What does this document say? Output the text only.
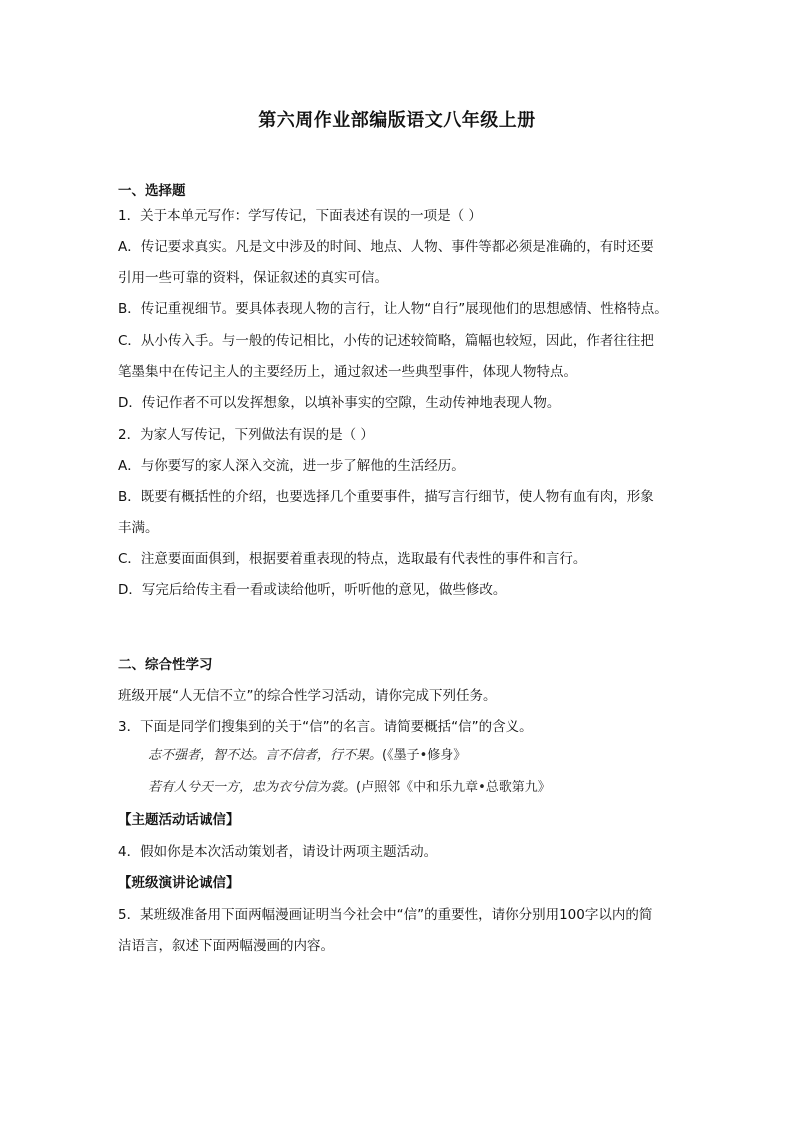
第六周作业部编版语文八年级上册
一、选择题
1．关于本单元写作：学写传记，下面表述有误的一项是（ ）
A．传记要求真实。凡是文中涉及的时间、地点、人物、事件等都必须是准确的，有时还要
引用一些可靠的资料，保证叙述的真实可信。
B．传记重视细节。要具体表现人物的言行，让人物“自行”展现他们的思想感情、性格特点。
C．从小传入手。与一般的传记相比，小传的记述较简略，篇幅也较短，因此，作者往往把
笔墨集中在传记主人的主要经历上，通过叙述一些典型事件，体现人物特点。
D．传记作者不可以发挥想象，以填补事实的空隙，生动传神地表现人物。
2．为家人写传记，下列做法有误的是（ ）
A．与你要写的家人深入交流，进一步了解他的生活经历。
B．既要有概括性的介绍，也要选择几个重要事件，描写言行细节，使人物有血有肉，形象
丰满。
C．注意要面面俱到，根据要着重表现的特点，选取最有代表性的事件和言行。
D．写完后给传主看一看或读给他听，听听他的意见，做些修改。
二、综合性学习
班级开展“人无信不立”的综合性学习活动，请你完成下列任务。
3．下面是同学们搜集到的关于“信”的名言。请简要概括“信”的含义。
志不强者，智不达。言不信者，行不果。(《墨子•修身》
若有人兮天一方，忠为衣兮信为裳。(卢照邻《中和乐九章•总歌第九》
【主题活动话诚信】
4．假如你是本次活动策划者，请设计两项主题活动。
【班级演讲论诚信】
5．某班级准备用下面两幅漫画证明当今社会中“信”的重要性，请你分别用100字以内的简
洁语言，叙述下面两幅漫画的内容。
